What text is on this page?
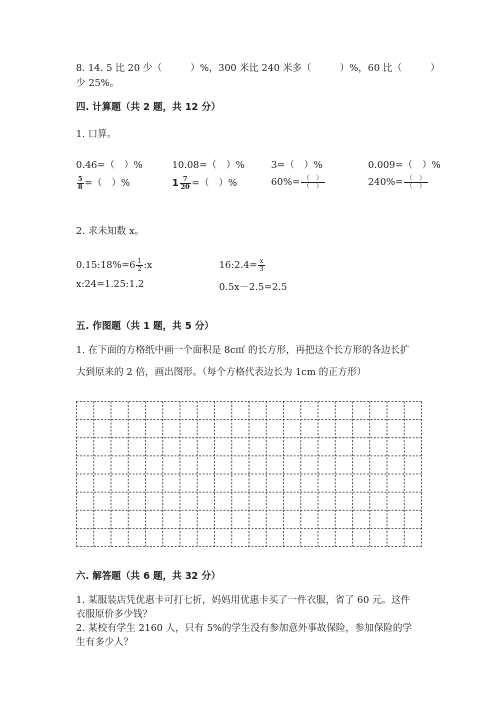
8. 14. 5 比 20 少（　　　）%，300 米比 240 米多（　　　）%，60 比（　　　）
少 25%。
四. 计算题（共 2 题，共 12 分）
1. 口算。
0.46=（　）%	10.08=（　）%	3=（　）%	0.009=（　）%
$\frac{5}{8}$ =（　）%	$1 \frac{7}{20}$ =（　）%	$60\%= \frac{( )}{( )}$	$240\%= \frac{( )}{( )}$
2. 求未知数 x。
0.15:18%=6 $\frac{1}{2}$ :x	16:2.4= $\frac{x}{3}$
x:24=1.25:1.2	0.5x－2.5=2.5
五. 作图题（共 1 题，共 5 分）
1. 在下面的方格纸中画一个面积是 8c㎡ 的长方形，再把这个长方形的各边长扩
大到原来的 2 倍，画出图形。（每个方格代表边长为 1cm 的正方形）
六. 解答题（共 6 题，共 32 分）
1. 某服装店凭优惠卡可打七折，妈妈用优惠卡买了一件衣服，省了 60 元。这件
衣服原价多少钱？
2. 某校有学生 2160 人，只有 5%的学生没有参加意外事故保险，参加保险的学
生有多少人？
